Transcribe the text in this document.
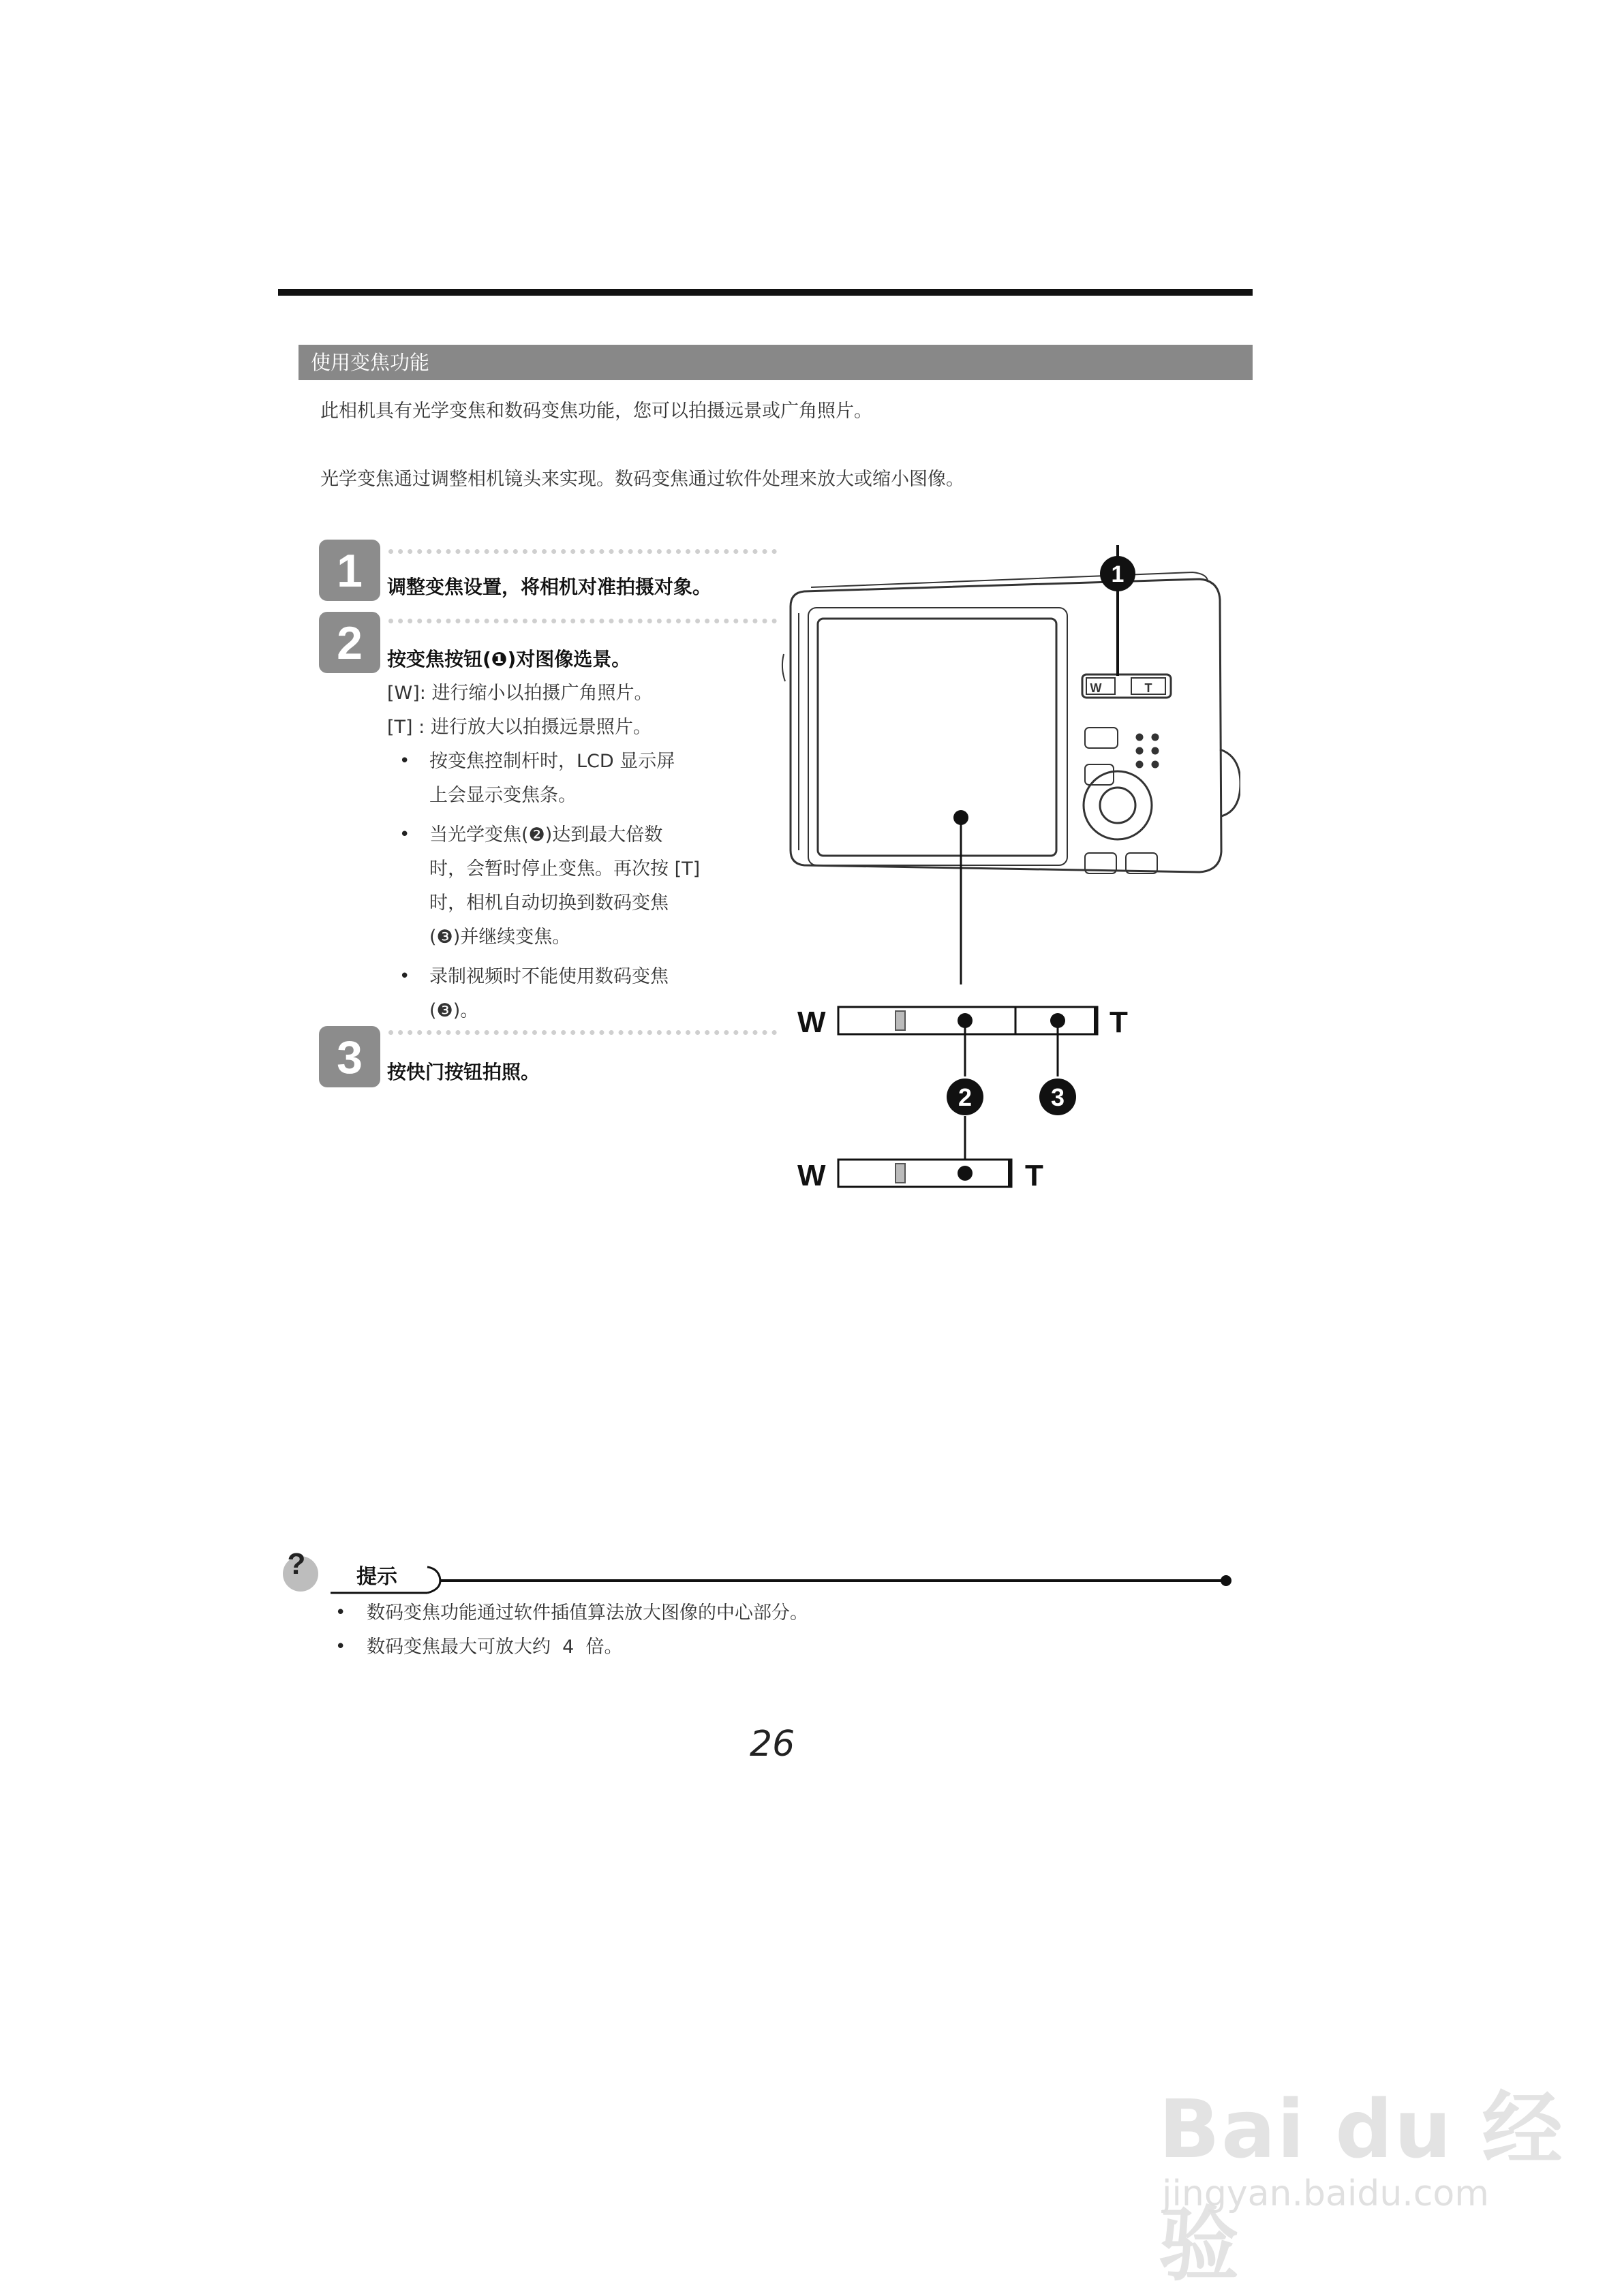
使用变焦功能
此相机具有光学变焦和数码变焦功能，您可以拍摄远景或广角照片。
光学变焦通过调整相机镜头来实现。数码变焦通过软件处理来放大或缩小图像。
1	调整变焦设置，将相机对准拍摄对象。
2	按变焦按钮(❶)对图像选景。
[W]: 进行缩小以拍摄广角照片。
[T] : 进行放大以拍摄远景照片。
• 按变焦控制杆时，LCD 显示屏
上会显示变焦条。
• 当光学变焦(❷)达到最大倍数
时，会暂时停止变焦。再次按 [T]
时，相机自动切换到数码变焦
(❸)并继续变焦。
• 录制视频时不能使用数码变焦
(❸)。
3	按快门按钮拍照。
1
W	T
W	T
2	3
W	T
? 提示
• 数码变焦功能通过软件插值算法放大图像的中心部分。
• 数码变焦最大可放大约  4  倍。
26
Bai du 经验
jingyan.baidu.com
